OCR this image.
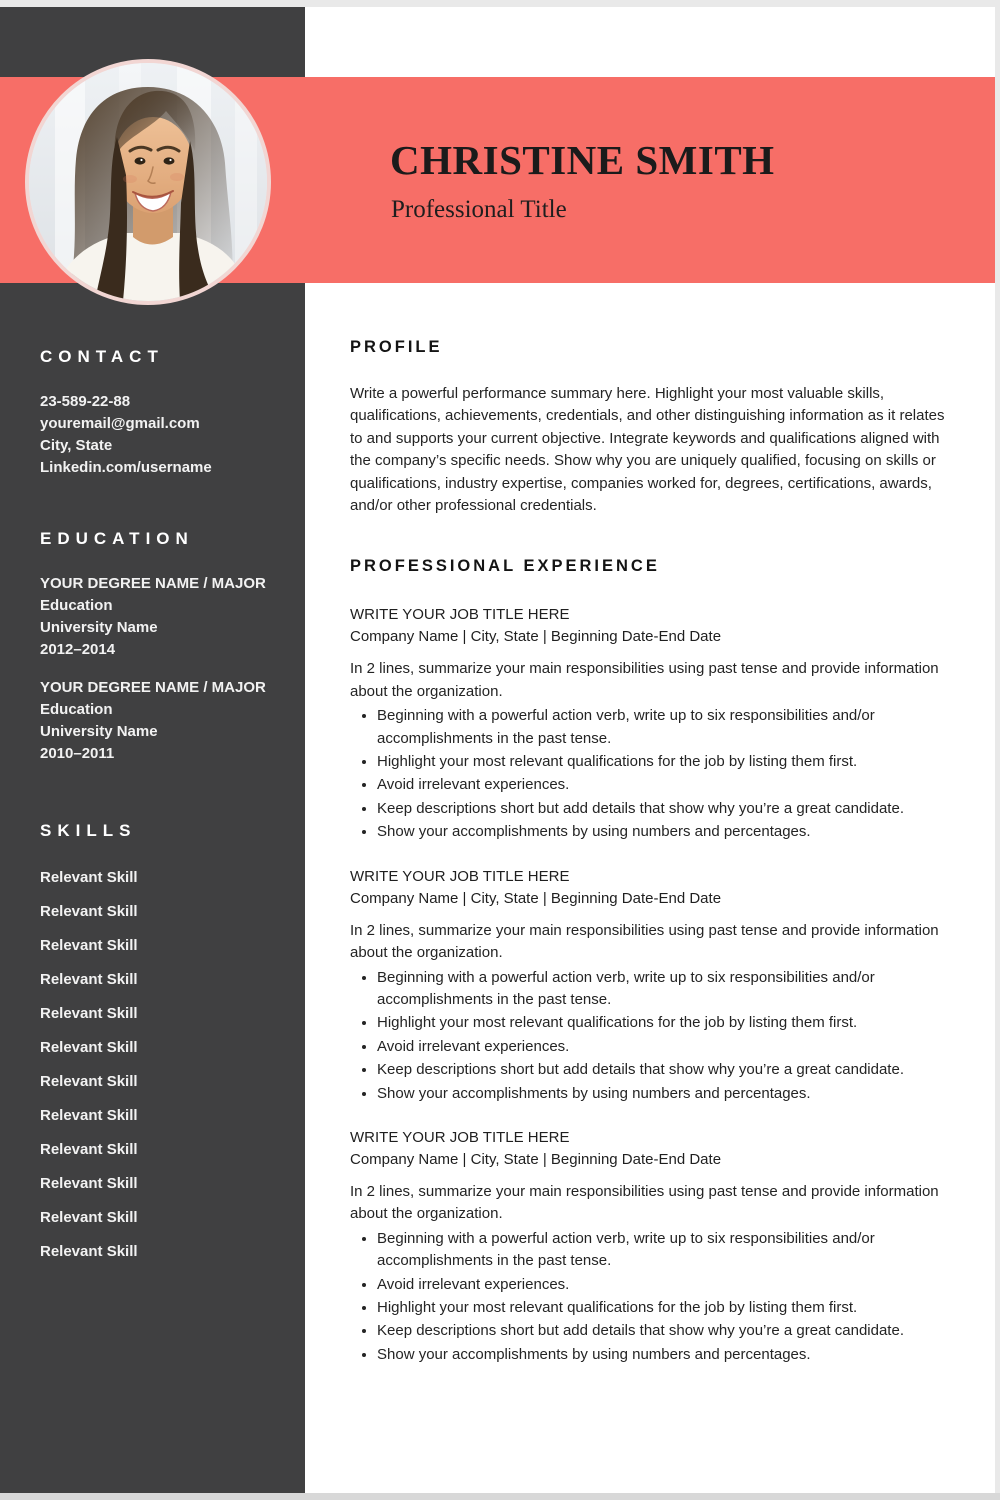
CONTACT
23-589-22-88
youremail@gmail.com
City, State
Linkedin.com/username
EDUCATION
YOUR DEGREE NAME / MAJOR
Education
University Name
2012–2014
YOUR DEGREE NAME / MAJOR
Education
University Name
2010–2011
SKILLS
Relevant Skill
Relevant Skill
Relevant Skill
Relevant Skill
Relevant Skill
Relevant Skill
Relevant Skill
Relevant Skill
Relevant Skill
Relevant Skill
Relevant Skill
Relevant Skill
CHRISTINE SMITH
Professional Title
PROFILE

Write a powerful performance summary here. Highlight your most valuable skills, qualifications, achievements, credentials, and other distinguishing information as it relates to and supports your current objective. Integrate keywords and qualifications aligned with the company’s specific needs. Show why you are uniquely qualified, focusing on skills or qualifications, industry expertise, companies worked for, degrees, certifications, awards, and/or other professional credentials.

PROFESSIONAL EXPERIENCE

WRITE YOUR JOB TITLE HERE

Company Name | City, State | Beginning Date-End Date

In 2 lines, summarize your main responsibilities using past tense and provide information about the organization.

• Beginning with a powerful action verb, write up to six responsibilities and/or accomplishments in the past tense.
• Highlight your most relevant qualifications for the job by listing them first.
• Avoid irrelevant experiences.
• Keep descriptions short but add details that show why you’re a great candidate.
• Show your accomplishments by using numbers and percentages.

WRITE YOUR JOB TITLE HERE

Company Name | City, State | Beginning Date-End Date

In 2 lines, summarize your main responsibilities using past tense and provide information about the organization.

• Beginning with a powerful action verb, write up to six responsibilities and/or accomplishments in the past tense.
• Highlight your most relevant qualifications for the job by listing them first.
• Avoid irrelevant experiences.
• Keep descriptions short but add details that show why you’re a great candidate.
• Show your accomplishments by using numbers and percentages.

WRITE YOUR JOB TITLE HERE

Company Name | City, State | Beginning Date-End Date

In 2 lines, summarize your main responsibilities using past tense and provide information about the organization.

• Beginning with a powerful action verb, write up to six responsibilities and/or accomplishments in the past tense.
• Avoid irrelevant experiences.
• Highlight your most relevant qualifications for the job by listing them first.
• Keep descriptions short but add details that show why you’re a great candidate.
• Show your accomplishments by using numbers and percentages.
